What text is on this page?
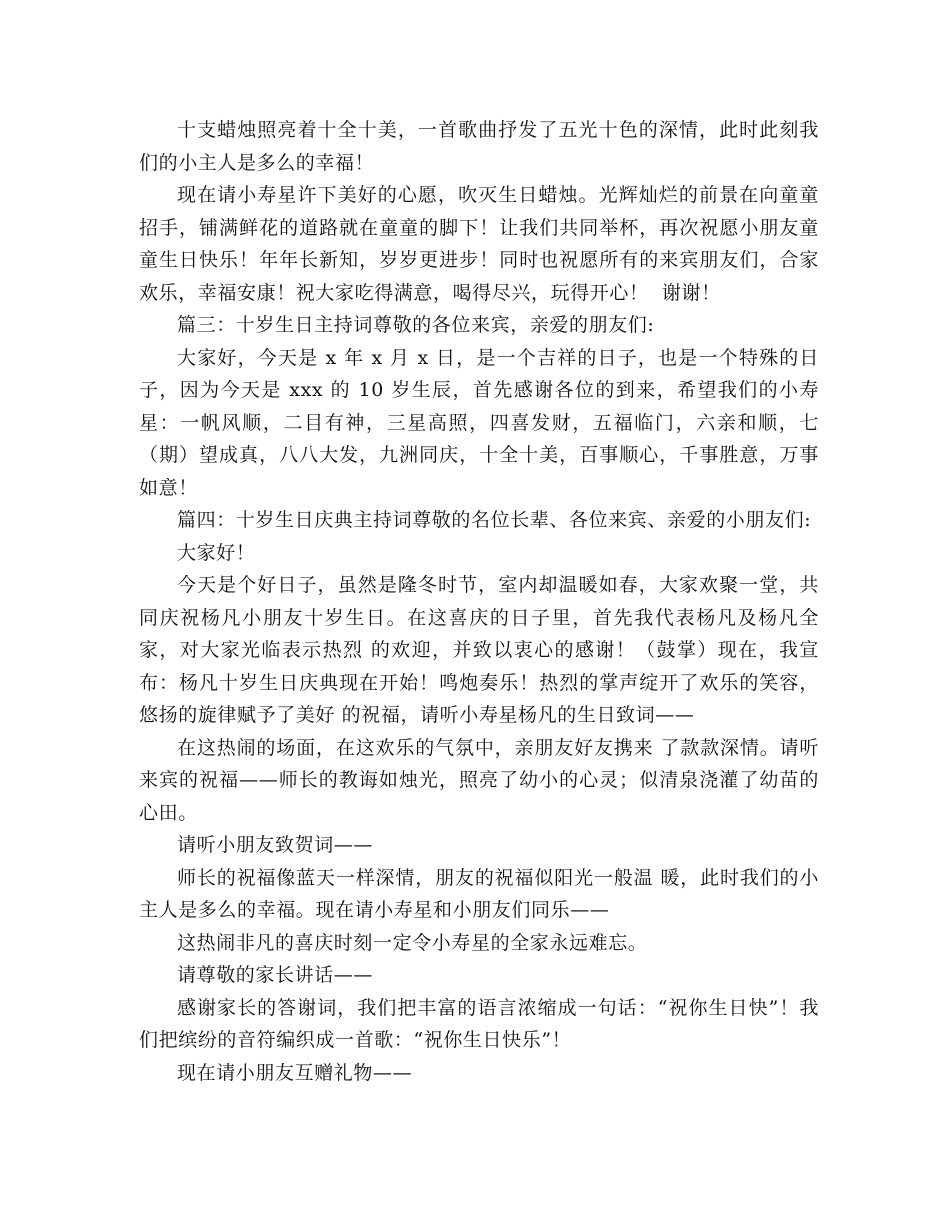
十支蜡烛照亮着十全十美，一首歌曲抒发了五光十色的深情，此时此刻我们的小主人是多么的幸福！

现在请小寿星许下美好的心愿，吹灭生日蜡烛。光辉灿烂的前景在向童童招手，铺满鲜花的道路就在童童的脚下！让我们共同举杯，再次祝愿小朋友童童生日快乐！年年长新知，岁岁更进步！同时也祝愿所有的来宾朋友们，合家欢乐，幸福安康！祝大家吃得满意，喝得尽兴，玩得开心！  谢谢！

篇三：十岁生日主持词尊敬的各位来宾，亲爱的朋友们:

大家好，今天是 x 年 x 月 x 日，是一个吉祥的日子，也是一个特殊的日子，因为今天是 xxx 的 10 岁生辰，首先感谢各位的到来，希望我们的小寿星：一帆风顺，二目有神，三星高照，四喜发财，五福临门，六亲和顺，七（期）望成真，八八大发，九洲同庆，十全十美，百事顺心，千事胜意，万事如意！

篇四：十岁生日庆典主持词尊敬的名位长辈、各位来宾、亲爱的小朋友们:

大家好！

今天是个好日子，虽然是隆冬时节，室内却温暖如春，大家欢聚一堂，共同庆祝杨凡小朋友十岁生日。在这喜庆的日子里，首先我代表杨凡及杨凡全家，对大家光临表示热烈 的欢迎，并致以衷心的感谢！（鼓掌）现在，我宣布：杨凡十岁生日庆典现在开始！鸣炮奏乐！热烈的掌声绽开了欢乐的笑容，悠扬的旋律赋予了美好 的祝福，请听小寿星杨凡的生日致词——

在这热闹的场面，在这欢乐的气氛中，亲朋友好友携来 了款款深情。请听来宾的祝福——师长的教诲如烛光，照亮了幼小的心灵；似清泉浇灌了幼苗的心田。

请听小朋友致贺词——

师长的祝福像蓝天一样深情，朋友的祝福似阳光一般温 暖，此时我们的小主人是多么的幸福。现在请小寿星和小朋友们同乐——

这热闹非凡的喜庆时刻一定令小寿星的全家永远难忘。

请尊敬的家长讲话——

感谢家长的答谢词，我们把丰富的语言浓缩成一句话：“祝你生日快”！我们把缤纷的音符编织成一首歌：“祝你生日快乐”！

现在请小朋友互赠礼物——
